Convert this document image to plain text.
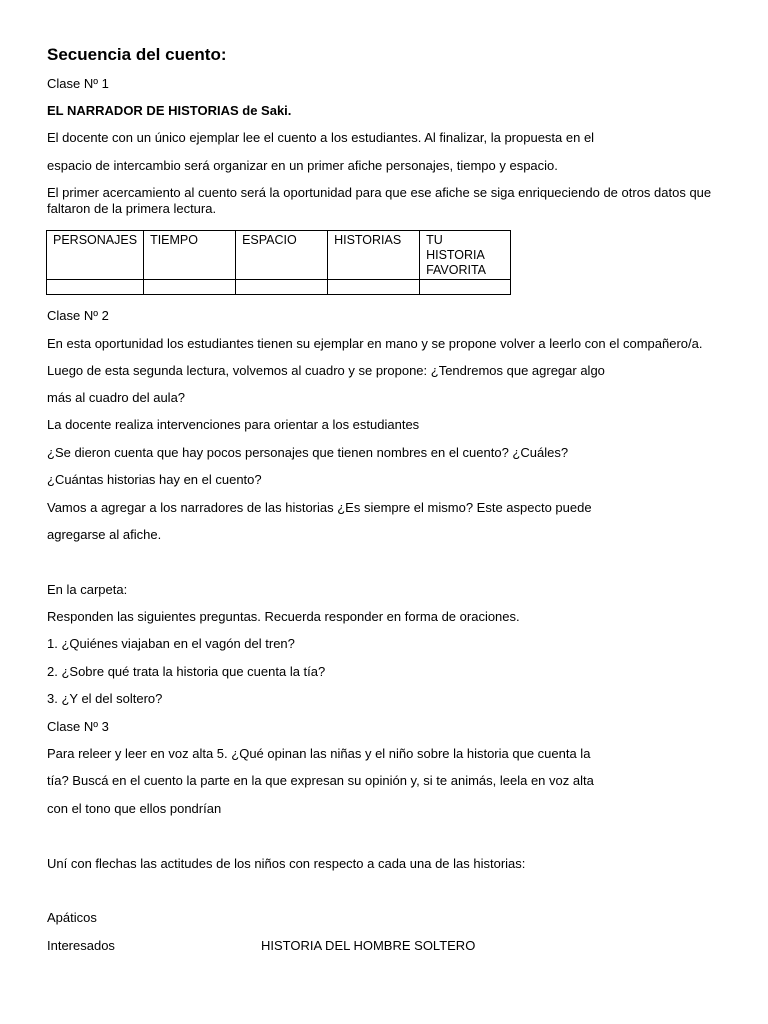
Secuencia del cuento:
Clase Nº 1
EL NARRADOR DE HISTORIAS de Saki.
El docente con un único ejemplar lee el cuento a los estudiantes. Al finalizar, la propuesta en el
espacio de intercambio será organizar en un primer afiche personajes, tiempo y espacio.
El primer acercamiento al cuento será la oportunidad para que ese afiche se siga enriqueciendo de otros datos que faltaron de la primera lectura.
PERSONAJES	TIEMPO	ESPACIO	HISTORIAS	TU HISTORIA FAVORITA

Clase Nº 2
En esta oportunidad los estudiantes tienen su ejemplar en mano y se propone volver a leerlo con el compañero/a.
Luego de esta segunda lectura, volvemos al cuadro y se propone: ¿Tendremos que agregar algo
más al cuadro del aula?
La docente realiza intervenciones para orientar a los estudiantes
¿Se dieron cuenta que hay pocos personajes que tienen nombres en el cuento? ¿Cuáles?
¿Cuántas historias hay en el cuento?
Vamos a agregar a los narradores de las historias ¿Es siempre el mismo? Este aspecto puede
agregarse al afiche.
En la carpeta:
Responden las siguientes preguntas. Recuerda responder en forma de oraciones.
1. ¿Quiénes viajaban en el vagón del tren?
2. ¿Sobre qué trata la historia que cuenta la tía?
3. ¿Y el del soltero?
Clase Nº 3
Para releer y leer en voz alta 5. ¿Qué opinan las niñas y el niño sobre la historia que cuenta la
tía? Buscá en el cuento la parte en la que expresan su opinión y, si te animás, leela en voz alta
con el tono que ellos pondrían
Uní con flechas las actitudes de los niños con respecto a cada una de las historias:
Apáticos
Interesados	HISTORIA DEL HOMBRE SOLTERO
